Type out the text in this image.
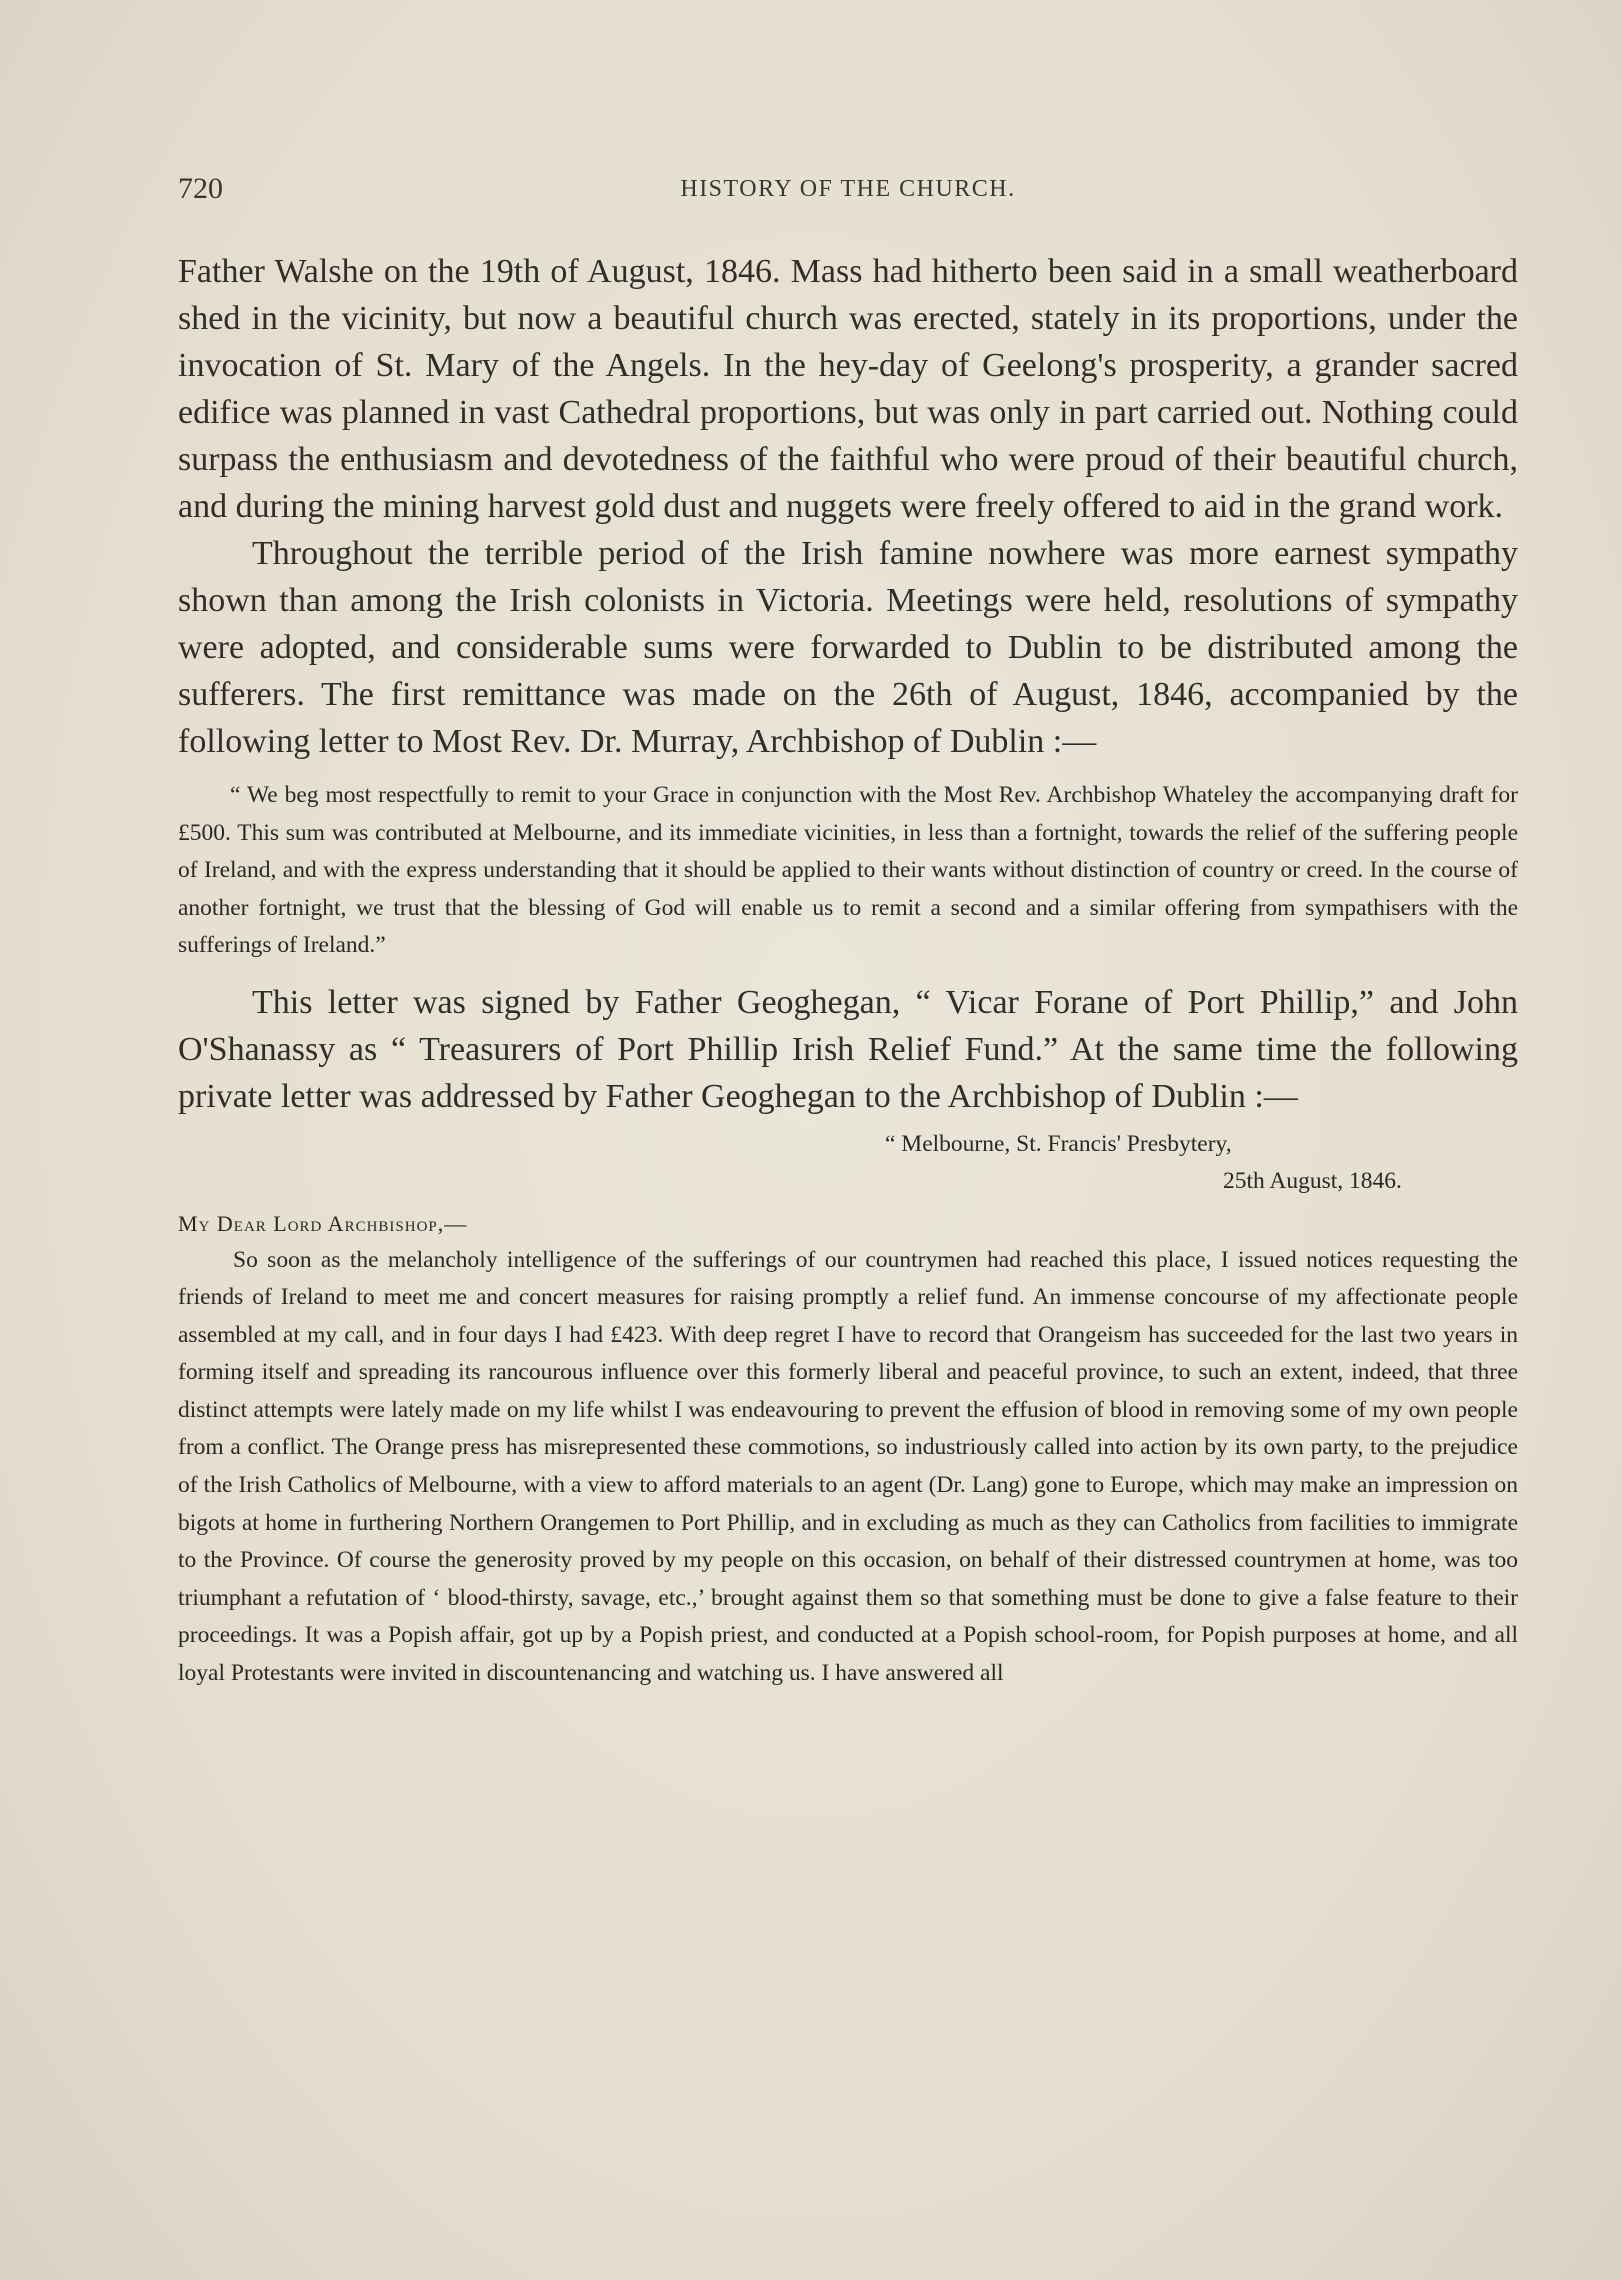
720	HISTORY OF THE CHURCH.

Father Walshe on the 19th of August, 1846. Mass had hitherto been said in a small weatherboard shed in the vicinity, but now a beautiful church was erected, stately in its proportions, under the invocation of St. Mary of the Angels. In the hey-day of Geelong's prosperity, a grander sacred edifice was planned in vast Cathedral proportions, but was only in part carried out. Nothing could surpass the enthusiasm and devotedness of the faithful who were proud of their beautiful church, and during the mining harvest gold dust and nuggets were freely offered to aid in the grand work.

Throughout the terrible period of the Irish famine nowhere was more earnest sympathy shown than among the Irish colonists in Victoria. Meetings were held, resolutions of sympathy were adopted, and considerable sums were forwarded to Dublin to be distributed among the sufferers. The first remittance was made on the 26th of August, 1846, accompanied by the following letter to Most Rev. Dr. Murray, Archbishop of Dublin :—

“ We beg most respectfully to remit to your Grace in conjunction with the Most Rev. Archbishop Whateley the accompanying draft for £500. This sum was contributed at Melbourne, and its immediate vicinities, in less than a fortnight, towards the relief of the suffering people of Ireland, and with the express understanding that it should be applied to their wants without distinction of country or creed. In the course of another fortnight, we trust that the blessing of God will enable us to remit a second and a similar offering from sympathisers with the sufferings of Ireland.”

This letter was signed by Father Geoghegan, “ Vicar Forane of Port Phillip,” and John O'Shanassy as “ Treasurers of Port Phillip Irish Relief Fund.” At the same time the following private letter was addressed by Father Geoghegan to the Archbishop of Dublin :—

“ Melbourne, St. Francis' Presbytery,
25th August, 1846.
My Dear Lord Archbishop,—

So soon as the melancholy intelligence of the sufferings of our countrymen had reached this place, I issued notices requesting the friends of Ireland to meet me and concert measures for raising promptly a relief fund. An immense concourse of my affectionate people assembled at my call, and in four days I had £423. With deep regret I have to record that Orangeism has succeeded for the last two years in forming itself and spreading its rancourous influence over this formerly liberal and peaceful province, to such an extent, indeed, that three distinct attempts were lately made on my life whilst I was endeavouring to prevent the effusion of blood in removing some of my own people from a conflict. The Orange press has misrepresented these commotions, so industriously called into action by its own party, to the prejudice of the Irish Catholics of Melbourne, with a view to afford materials to an agent (Dr. Lang) gone to Europe, which may make an impression on bigots at home in furthering Northern Orangemen to Port Phillip, and in excluding as much as they can Catholics from facilities to immigrate to the Province. Of course the generosity proved by my people on this occasion, on behalf of their distressed countrymen at home, was too triumphant a refutation of ‘ blood-thirsty, savage, etc.,’ brought against them so that something must be done to give a false feature to their proceedings. It was a Popish affair, got up by a Popish priest, and conducted at a Popish school-room, for Popish purposes at home, and all loyal Protestants were invited in discountenancing and watching us. I have answered all
